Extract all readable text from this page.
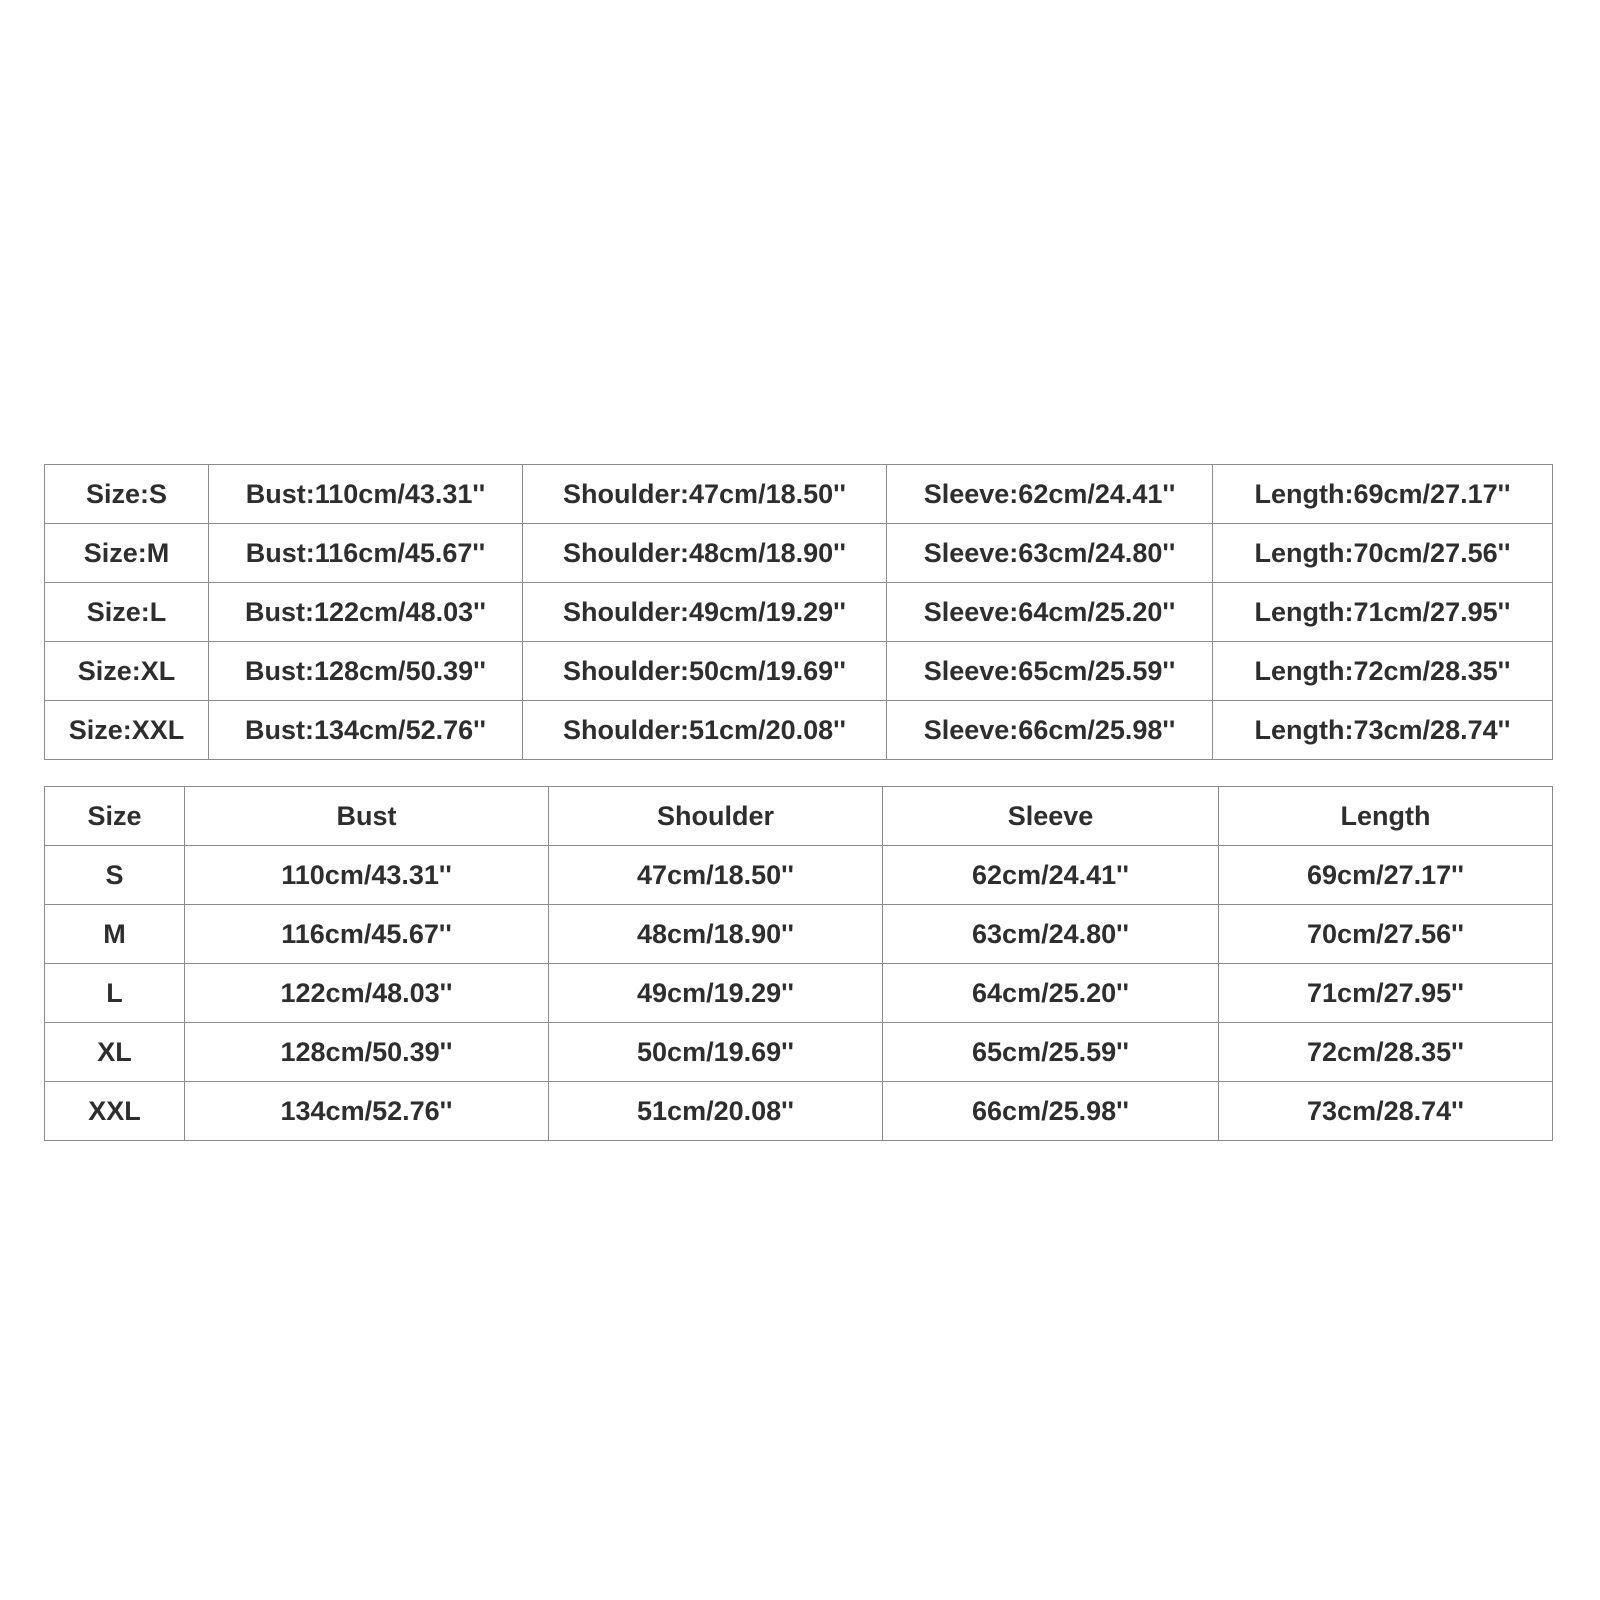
Size:S	Bust:110cm/43.31''	Shoulder:47cm/18.50''	Sleeve:62cm/24.41''	Length:69cm/27.17''
Size:M	Bust:116cm/45.67''	Shoulder:48cm/18.90''	Sleeve:63cm/24.80''	Length:70cm/27.56''
Size:L	Bust:122cm/48.03''	Shoulder:49cm/19.29''	Sleeve:64cm/25.20''	Length:71cm/27.95''
Size:XL	Bust:128cm/50.39''	Shoulder:50cm/19.69''	Sleeve:65cm/25.59''	Length:72cm/28.35''
Size:XXL	Bust:134cm/52.76''	Shoulder:51cm/20.08''	Sleeve:66cm/25.98''	Length:73cm/28.74''
Size	Bust	Shoulder	Sleeve	Length
S	110cm/43.31''	47cm/18.50''	62cm/24.41''	69cm/27.17''
M	116cm/45.67''	48cm/18.90''	63cm/24.80''	70cm/27.56''
L	122cm/48.03''	49cm/19.29''	64cm/25.20''	71cm/27.95''
XL	128cm/50.39''	50cm/19.69''	65cm/25.59''	72cm/28.35''
XXL	134cm/52.76''	51cm/20.08''	66cm/25.98''	73cm/28.74''
